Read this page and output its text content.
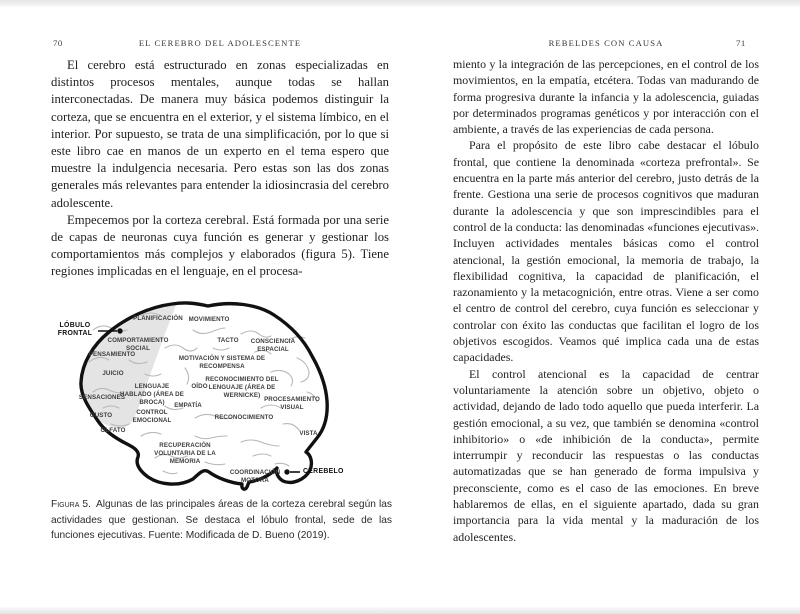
70	EL CEREBRO DEL ADOLESCENTE

El cerebro está estructurado en zonas especializadas en distintos procesos mentales, aunque todas se hallan interconectadas. De manera muy básica podemos distinguir la corteza, que se encuentra en el exterior, y el sistema límbico, en el interior. Por supuesto, se trata de una simplificación, por lo que si este libro cae en manos de un experto en el tema espero que muestre la indulgencia necesaria. Pero estas son las dos zonas generales más relevantes para entender la idiosincrasia del cerebro adolescente.

Empecemos por la corteza cerebral. Está formada por una serie de capas de neuronas cuya función es generar y gestionar los comportamientos más complejos y elaborados (figura 5). Tiene regiones implicadas en el lenguaje, en el procesa-

LÓBULO FRONTAL
PLANIFICACIÓN MOVIMIENTO
COMPORTAMIENTO SOCIAL
TACTO	CONSCIENCIA ESPACIAL
PENSAMIENTO
MOTIVACIÓN Y SISTEMA DE RECOMPENSA
JUICIO
OÍDO
RECONOCIMIENTO DEL LENGUAJE (ÁREA DE WERNICKE)
LENGUAJE HABLADO (ÁREA DE BROCA)
SENSACIONES	PROCESAMIENTO VISUAL
EMPATÍA
GUSTO	CONTROL EMOCIONAL	RECONOCIMIENTO
OLFATO	VISTA
RECUPERACIÓN VOLUNTARIA DE LA MEMORIA
COORDINACIÓN MOTORA
CEREBELO

Figura 5. Algunas de las principales áreas de la corteza cerebral según las actividades que gestionan. Se destaca el lóbulo frontal, sede de las funciones ejecutivas. Fuente: Modificada de D. Bueno (2019).

REBELDES CON CAUSA	71

miento y la integración de las percepciones, en el control de los movimientos, en la empatía, etcétera. Todas van madurando de forma progresiva durante la infancia y la adolescencia, guiadas por determinados programas genéticos y por interacción con el ambiente, a través de las experiencias de cada persona.

Para el propósito de este libro cabe destacar el lóbulo frontal, que contiene la denominada «corteza prefrontal». Se encuentra en la parte más anterior del cerebro, justo detrás de la frente. Gestiona una serie de procesos cognitivos que maduran durante la adolescencia y que son imprescindibles para el control de la conducta: las denominadas «funciones ejecutivas». Incluyen actividades mentales básicas como el control atencional, la gestión emocional, la memoria de trabajo, la flexibilidad cognitiva, la capacidad de planificación, el razonamiento y la metacognición, entre otras. Viene a ser como el centro de control del cerebro, cuya función es seleccionar y controlar con éxito las conductas que facilitan el logro de los objetivos escogidos. Veamos qué implica cada una de estas capacidades.

El control atencional es la capacidad de centrar voluntariamente la atención sobre un objetivo, objeto o actividad, dejando de lado todo aquello que pueda interferir. La gestión emocional, a su vez, que también se denomina «control inhibitorio» o «de inhibición de la conducta», permite interrumpir y reconducir las respuestas o las conductas automatizadas que se han generado de forma impulsiva y preconsciente, como es el caso de las emociones. En breve hablaremos de ellas, en el siguiente apartado, dada su gran importancia para la vida mental y la maduración de los adolescentes.
